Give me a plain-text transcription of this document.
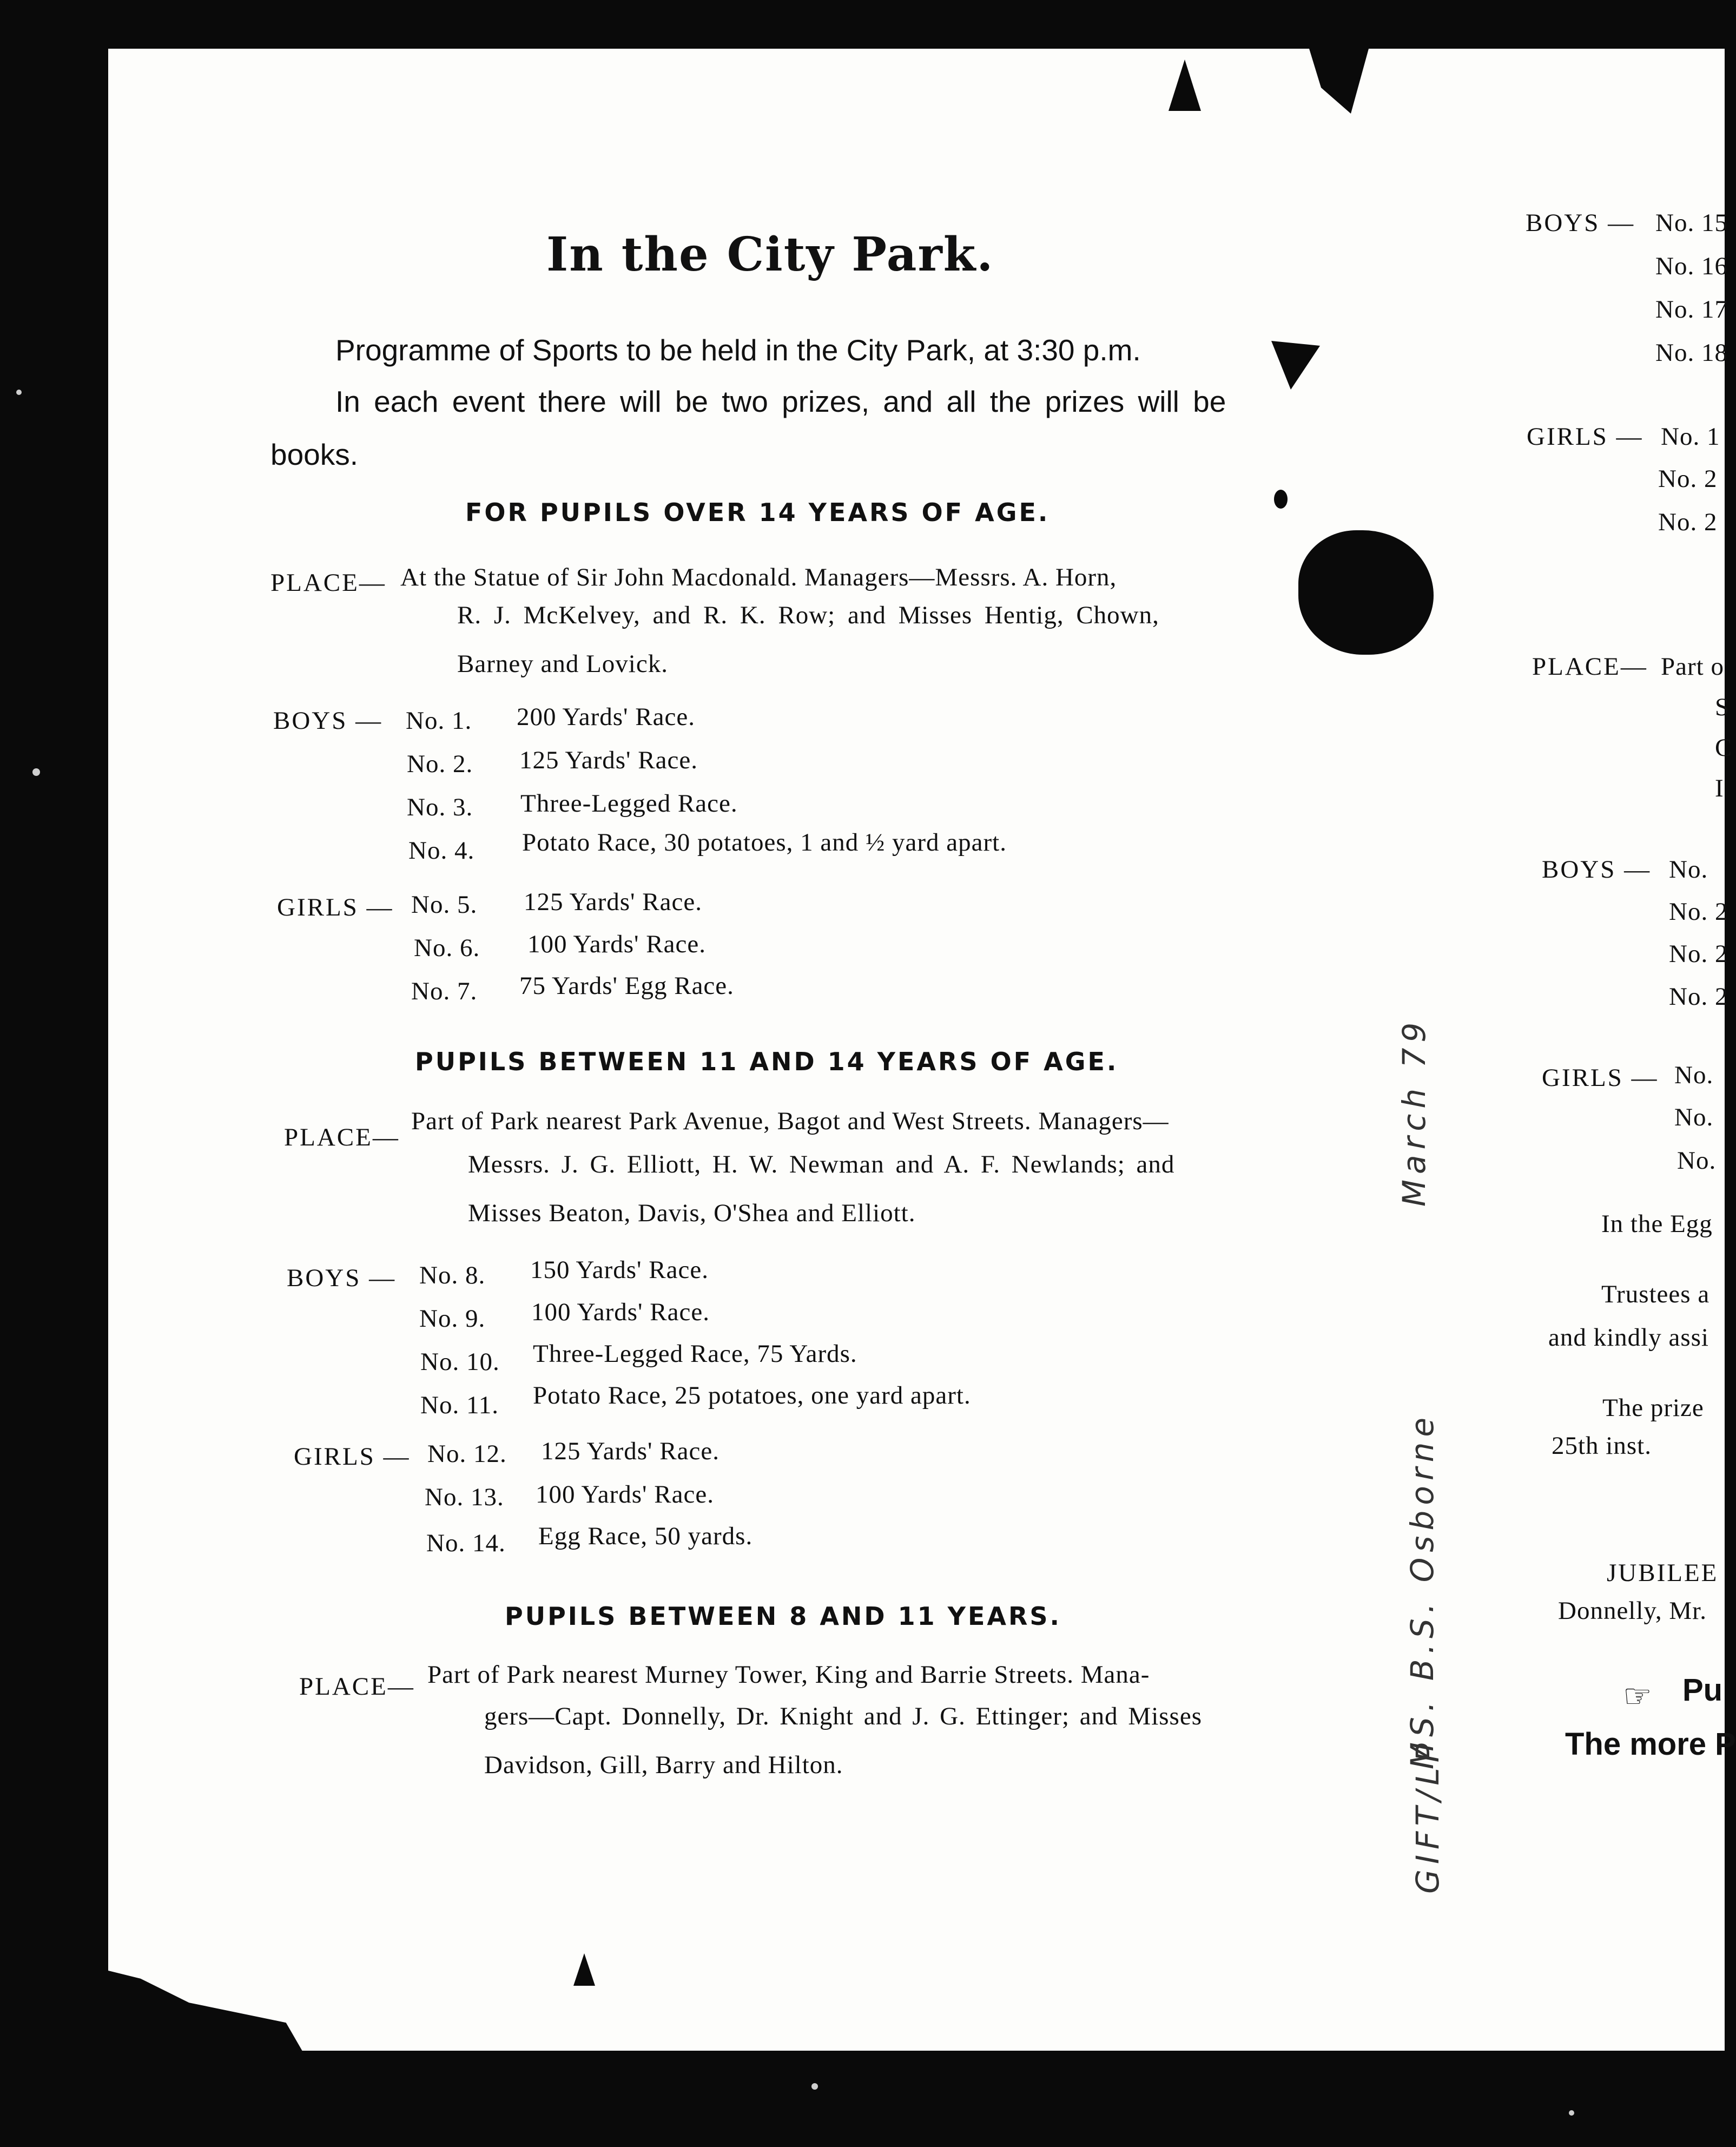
In the City Park.
Programme of Sports to be held in the City Park, at 3:30 p.m.
In each event there will be two prizes, and all the prizes will be
books.
FOR PUPILS OVER 14 YEARS OF AGE.
PLACE— At the Statue of Sir John Macdonald. Managers—Messrs. A. Horn,
R. J. McKelvey, and R. K. Row; and Misses Hentig, Chown,
Barney and Lovick.
BOYS — No. 1. 200 Yards' Race.
No. 2. 125 Yards' Race.
No. 3. Three-Legged Race.
No. 4. Potato Race, 30 potatoes, 1 and ½ yard apart.
GIRLS — No. 5. 125 Yards' Race.
No. 6. 100 Yards' Race.
No. 7. 75 Yards' Egg Race.
PUPILS BETWEEN 11 AND 14 YEARS OF AGE.
PLACE—
Part of Park nearest Park Avenue, Bagot and West Streets. Managers—
Messrs. J. G. Elliott, H. W. Newman and A. F. Newlands; and
Misses Beaton, Davis, O'Shea and Elliott.
BOYS — No. 8. 150 Yards' Race.
No. 9. 100 Yards' Race.
No. 10. Three-Legged Race, 75 Yards.
No. 11. Potato Race, 25 potatoes, one yard apart.
GIRLS — No. 12. 125 Yards' Race.
No. 13. 100 Yards' Race.
No. 14. Egg Race, 50 yards.
PUPILS BETWEEN 8 AND 11 YEARS.
PLACE— Part of Park nearest Murney Tower, King and Barrie Streets. Mana-
gers—Capt. Donnelly, Dr. Knight and J. G. Ettinger; and Misses
Davidson, Gill, Barry and Hilton.
March 79
MS. B.S. Osborne
GIFT/LP
BOYS — No. 15
No. 16
No. 17
No. 18
GIRLS — No. 1
No. 2
No. 2
PLACE— Part o
S
C
I
BOYS — No.
No. 2
No. 2
No. 2
GIRLS — No.
No.
No.
In the Egg
Trustees a
and kindly assi
The prize
25th inst.
JUBILEE
Donnelly, Mr.
☞ Pu
The more P
